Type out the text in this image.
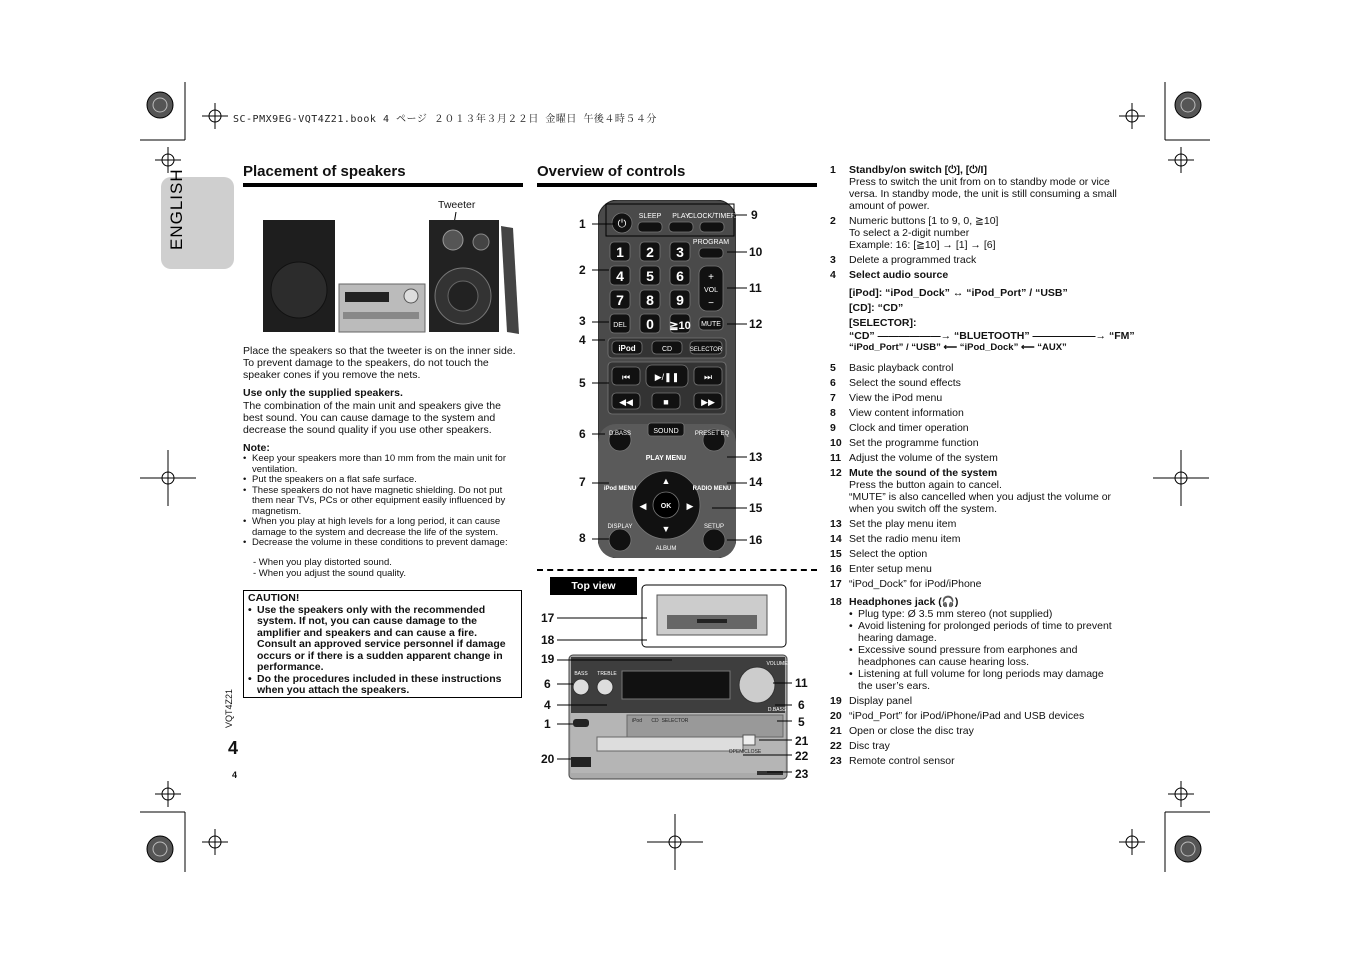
SC-PMX9EG-VQT4Z21.book 4 ページ ２０１３年３月２２日 金曜日 午後４時５４分
ENGLISH	Placement of speakers
Tweeter
Place the speakers so that the tweeter is on the inner side. To prevent damage to the speakers, do not touch the speaker cones if you remove the nets.
Use only the supplied speakers.
The combination of the main unit and speakers give the best sound. You can cause damage to the system and decrease the sound quality if you use other speakers.
Note:
• Keep your speakers more than 10 mm from the main unit for ventilation.
• Put the speakers on a flat safe surface.
• These speakers do not have magnetic shielding. Do not put them near TVs, PCs or other equipment easily influenced by magnetism.
• When you play at high levels for a long period, it can cause damage to the system and decrease the life of the system.
• Decrease the volume in these conditions to prevent damage:
- When you play distorted sound.
- When you adjust the sound quality.
CAUTION!
• Use the speakers only with the recommended system. If not, you can cause damage to the amplifier and speakers and can cause a fire. Consult an approved service personnel if damage occurs or if there is a sudden apparent change in performance.
• Do the procedures included in these instructions when you attach the speakers.
VQT4Z21
4
4
Overview of controls
⏻
SLEEP PLAY
CLOCK/TIMER
PROGRAM
1 2 3
4 5 6
7 8 9
0 ≧10
DEL
VOL
+
−
MUTE
iPod	CD	SELECTOR
⏮	▶/❚❚	⏭
◀◀	■	▶▶
D.BASS	SOUND	PRESET EQ
PLAY MENU
iPod MENU	RADIO MENU
OK
▲
▼
◀	▶
DISPLAY
ALBUM
SETUP
1
2
3
4
5
6
7
8
9
10
11
12
13
14
15
16
Top view
BASS TREBLE
VOLUME
D.BASS
iPod CD SELECTOR
OPEN/CLOSE
17
18
19
6
4
1
20
11
6
5
21
22
23
1 Standby/on switch [⏻], [⏻/I]
Press to switch the unit from on to standby mode or vice versa. In standby mode, the unit is still consuming a small amount of power.
2 Numeric buttons [1 to 9, 0, ≧10]
To select a 2-digit number
Example: 16: [≧10] → [1] → [6]
3 Delete a programmed track
4 Select audio source
[iPod]: “iPod_Dock” ↔ “iPod_Port” / “USB”
[CD]: “CD”
[SELECTOR]:
“CD” ——————→ “BLUETOOTH” ——————→ “FM”
“iPod_Port” / “USB” ⟵ “iPod_Dock” ⟵ “AUX”
5 Basic playback control
6 Select the sound effects
7 View the iPod menu
8 View content information
9 Clock and timer operation
10 Set the programme function
11 Adjust the volume of the system
12 Mute the sound of the system
Press the button again to cancel.
“MUTE” is also cancelled when you adjust the volume or when you switch off the system.
13 Set the play menu item
14 Set the radio menu item
15 Select the option
16 Enter setup menu
17 “iPod_Dock” for iPod/iPhone
18 Headphones jack (🎧)
• Plug type: Ø 3.5 mm stereo (not supplied)
• Avoid listening for prolonged periods of time to prevent hearing damage.
• Excessive sound pressure from earphones and headphones can cause hearing loss.
• Listening at full volume for long periods may damage the user’s ears.
19 Display panel
20 “iPod_Port” for iPod/iPhone/iPad and USB devices
21 Open or close the disc tray
22 Disc tray
23 Remote control sensor
